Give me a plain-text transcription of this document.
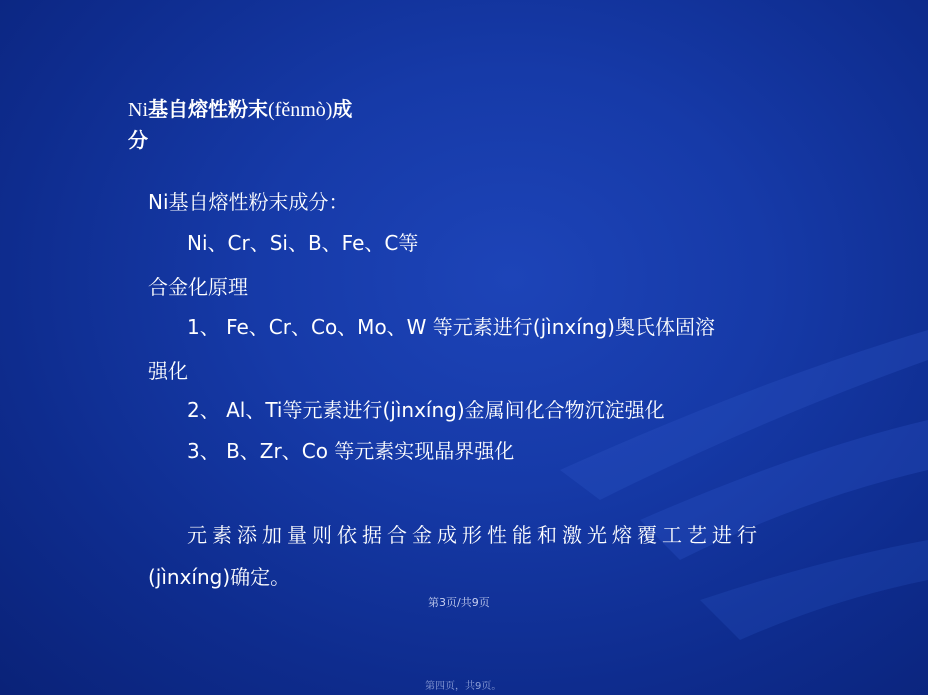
Ni基自熔性粉末(fěnmò)成
分
Ni基自熔性粉末成分：
Ni、Cr、Si、B、Fe、C等
合金化原理
1、 Fe、Cr、Co、Mo、W 等元素进行(jìnxíng)奥氏体固溶
强化
2、 Al、Ti等元素进行(jìnxíng)金属间化合物沉淀强化
3、 B、Zr、Co 等元素实现晶界强化
元素添加量则依据合金成形性能和激光熔覆工艺进行
(jìnxíng)确定。
第3页/共9页
第四页，共9页。
